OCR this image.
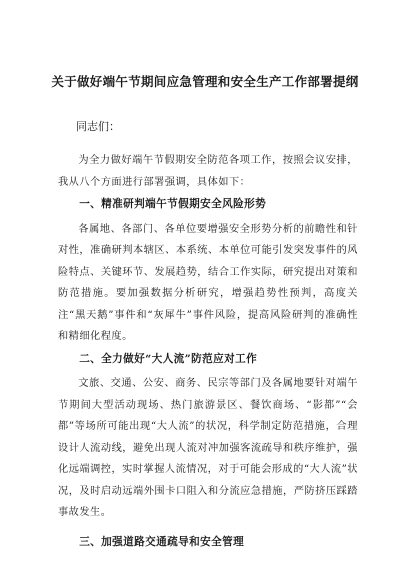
关于做好端午节期间应急管理和安全生产工作部署提纲

同志们：

为全力做好端午节假期安全防范各项工作，按照会议安排，我从八个方面进行部署强调，具体如下：

一、精准研判端午节假期安全风险形势

各属地、各部门、各单位要增强安全形势分析的前瞻性和针对性，准确研判本辖区、本系统、本单位可能引发突发事件的风险特点、关键环节、发展趋势，结合工作实际，研究提出对策和防范措施。要加强数据分析研究，增强趋势性预判，高度关注“黑天鹅”事件和“灰犀牛”事件风险，提高风险研判的准确性和精细化程度。

二、全力做好“大人流”防范应对工作

文旅、交通、公安、商务、民宗等部门及各属地要针对端午节期间大型活动现场、热门旅游景区、餐饮商场、“影都”“会都”等场所可能出现“大人流”的状况，科学制定防范措施，合理设计人流动线，避免出现人流对冲加强客流疏导和秩序维护，强化远端调控，实时掌握人流情况，对于可能会形成的“大人流”状况，及时启动远端外围卡口阻入和分流应急措施，严防挤压踩踏事故发生。

三、加强道路交通疏导和安全管理
